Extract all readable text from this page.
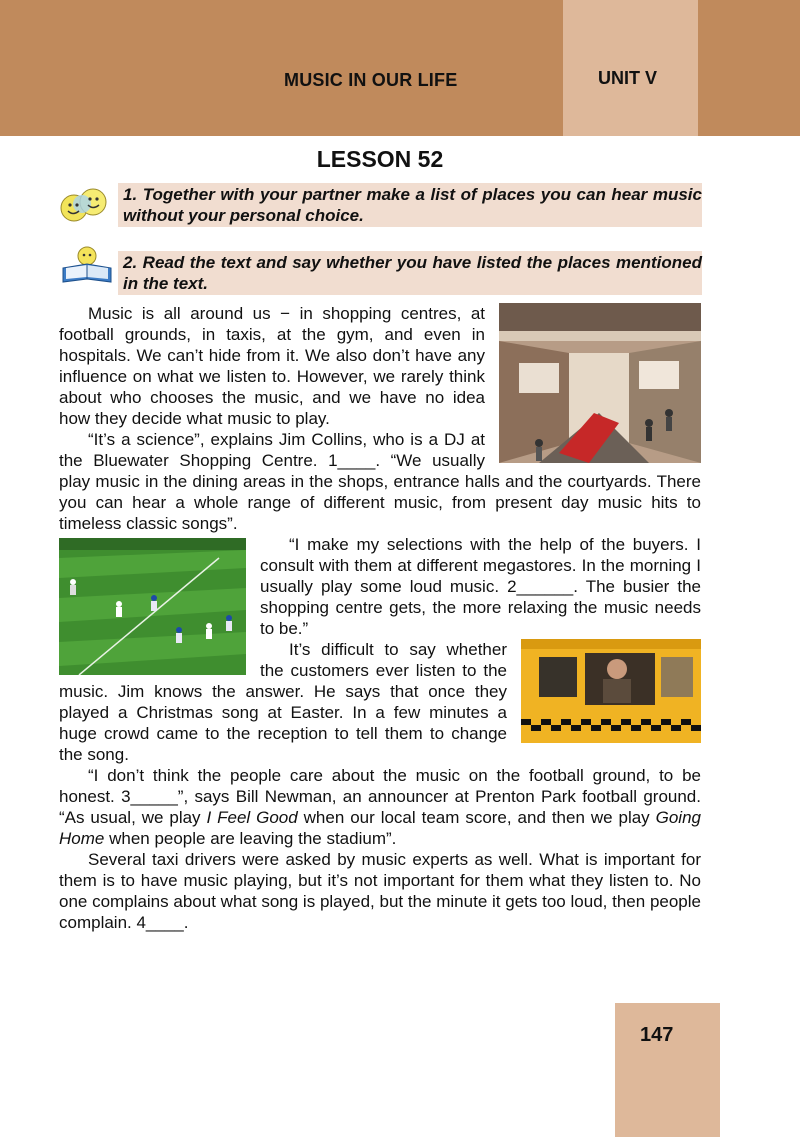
MUSIC IN OUR LIFE	UNIT V
LESSON 52
1. Together with your partner make a list of places you can hear music without your personal choice.
2. Read the text and say whether you have listed the places mentioned in the text.

Music is all around us − in shopping centres, at football grounds, in taxis, at the gym, and even in hospitals. We can’t hide from it. We also don’t have any influence on what we listen to. However, we rarely think about who chooses the music, and we have no idea how they decide what music to play.

“It’s a science”, explains Jim Collins, who is a DJ at the Bluewater Shopping Centre. 1____. “We usually play music in the dining areas in the shops, entrance halls and the courtyards. There you can hear a whole range of different music, from present day music hits to timeless classic songs”.

“I make my selections with the help of the buyers. I consult with them at different megastores. In the morning I usually play some loud music. 2______. The busier the shopping centre gets, the more relaxing the music needs to be.”

It’s difficult to say whether the customers ever listen to the music. Jim knows the answer. He says that once they played a Christmas song at Easter. In a few minutes a huge crowd came to the reception to tell them to change the song.

“I don’t think the people care about the music on the football ground, to be honest. 3_____”, says Bill Newman, an announcer at Prenton Park football ground. “As usual, we play I Feel Good when our local team score, and then we play Going Home when people are leaving the stadium”.

Several taxi drivers were asked by music experts as well. What is important for them is to have music playing, but it’s not important for them what they listen to. No one complains about what song is played, but the minute it gets too loud, then people complain. 4____.

147
